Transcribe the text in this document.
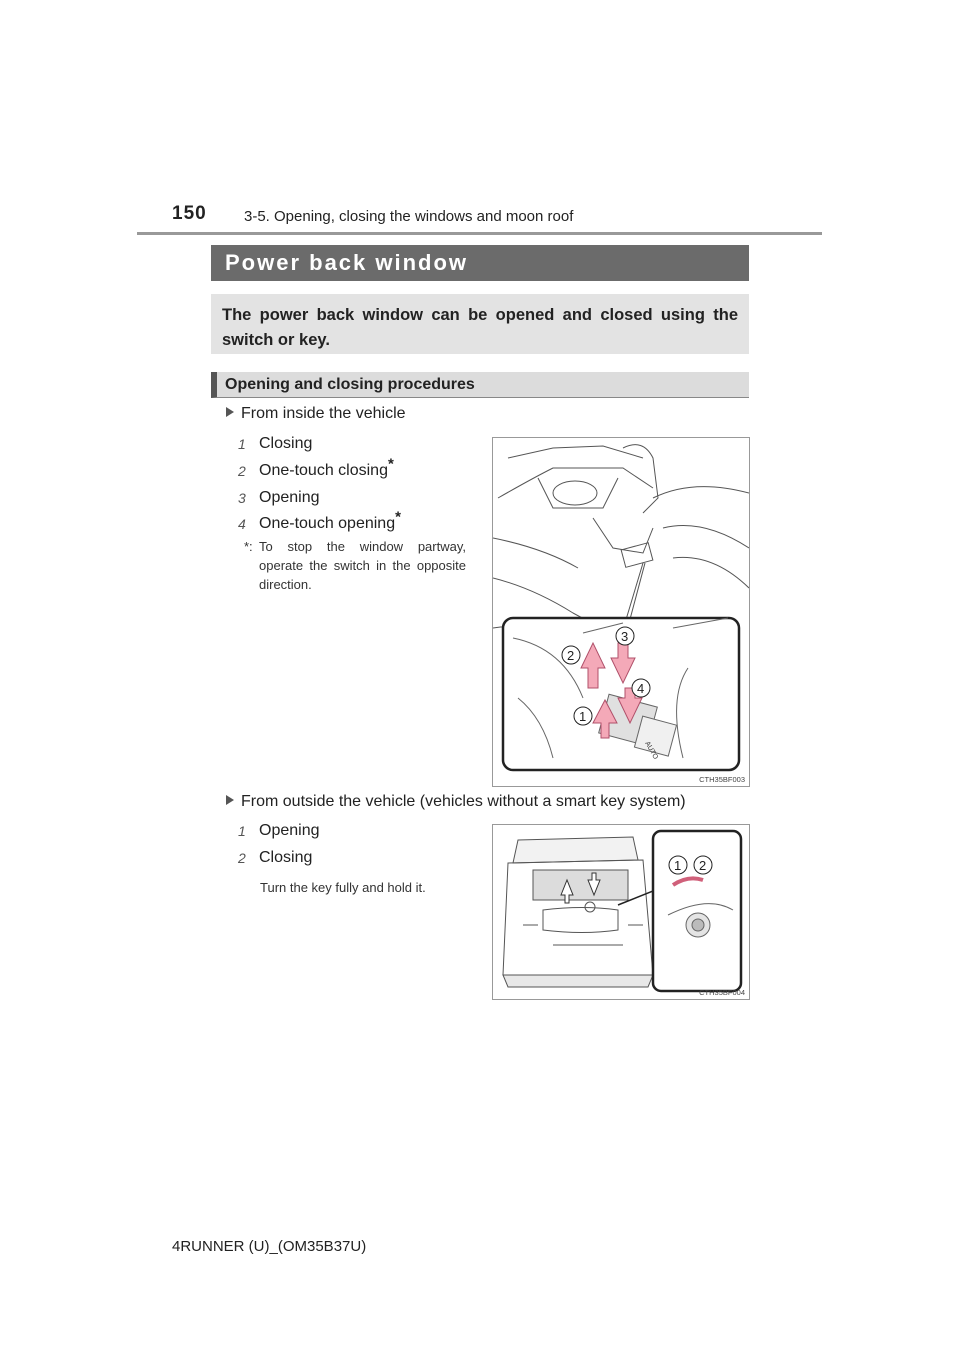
150 3-5. Opening, closing the windows and moon roof
Power back window
The power back window can be opened and closed using the switch or key.
Opening and closing procedures
From inside the vehicle
1 Closing
2 One-touch closing*
3 Opening
4 One-touch opening*
*: To stop the window partway, operate the switch in the opposite direction.
AUTO
1
2
3
4
CTH35BF003
From outside the vehicle (vehicles without a smart key system)
1 Opening
2 Closing
Turn the key fully and hold it.
1 2
CTH35BF004
4RUNNER (U)_(OM35B37U)
